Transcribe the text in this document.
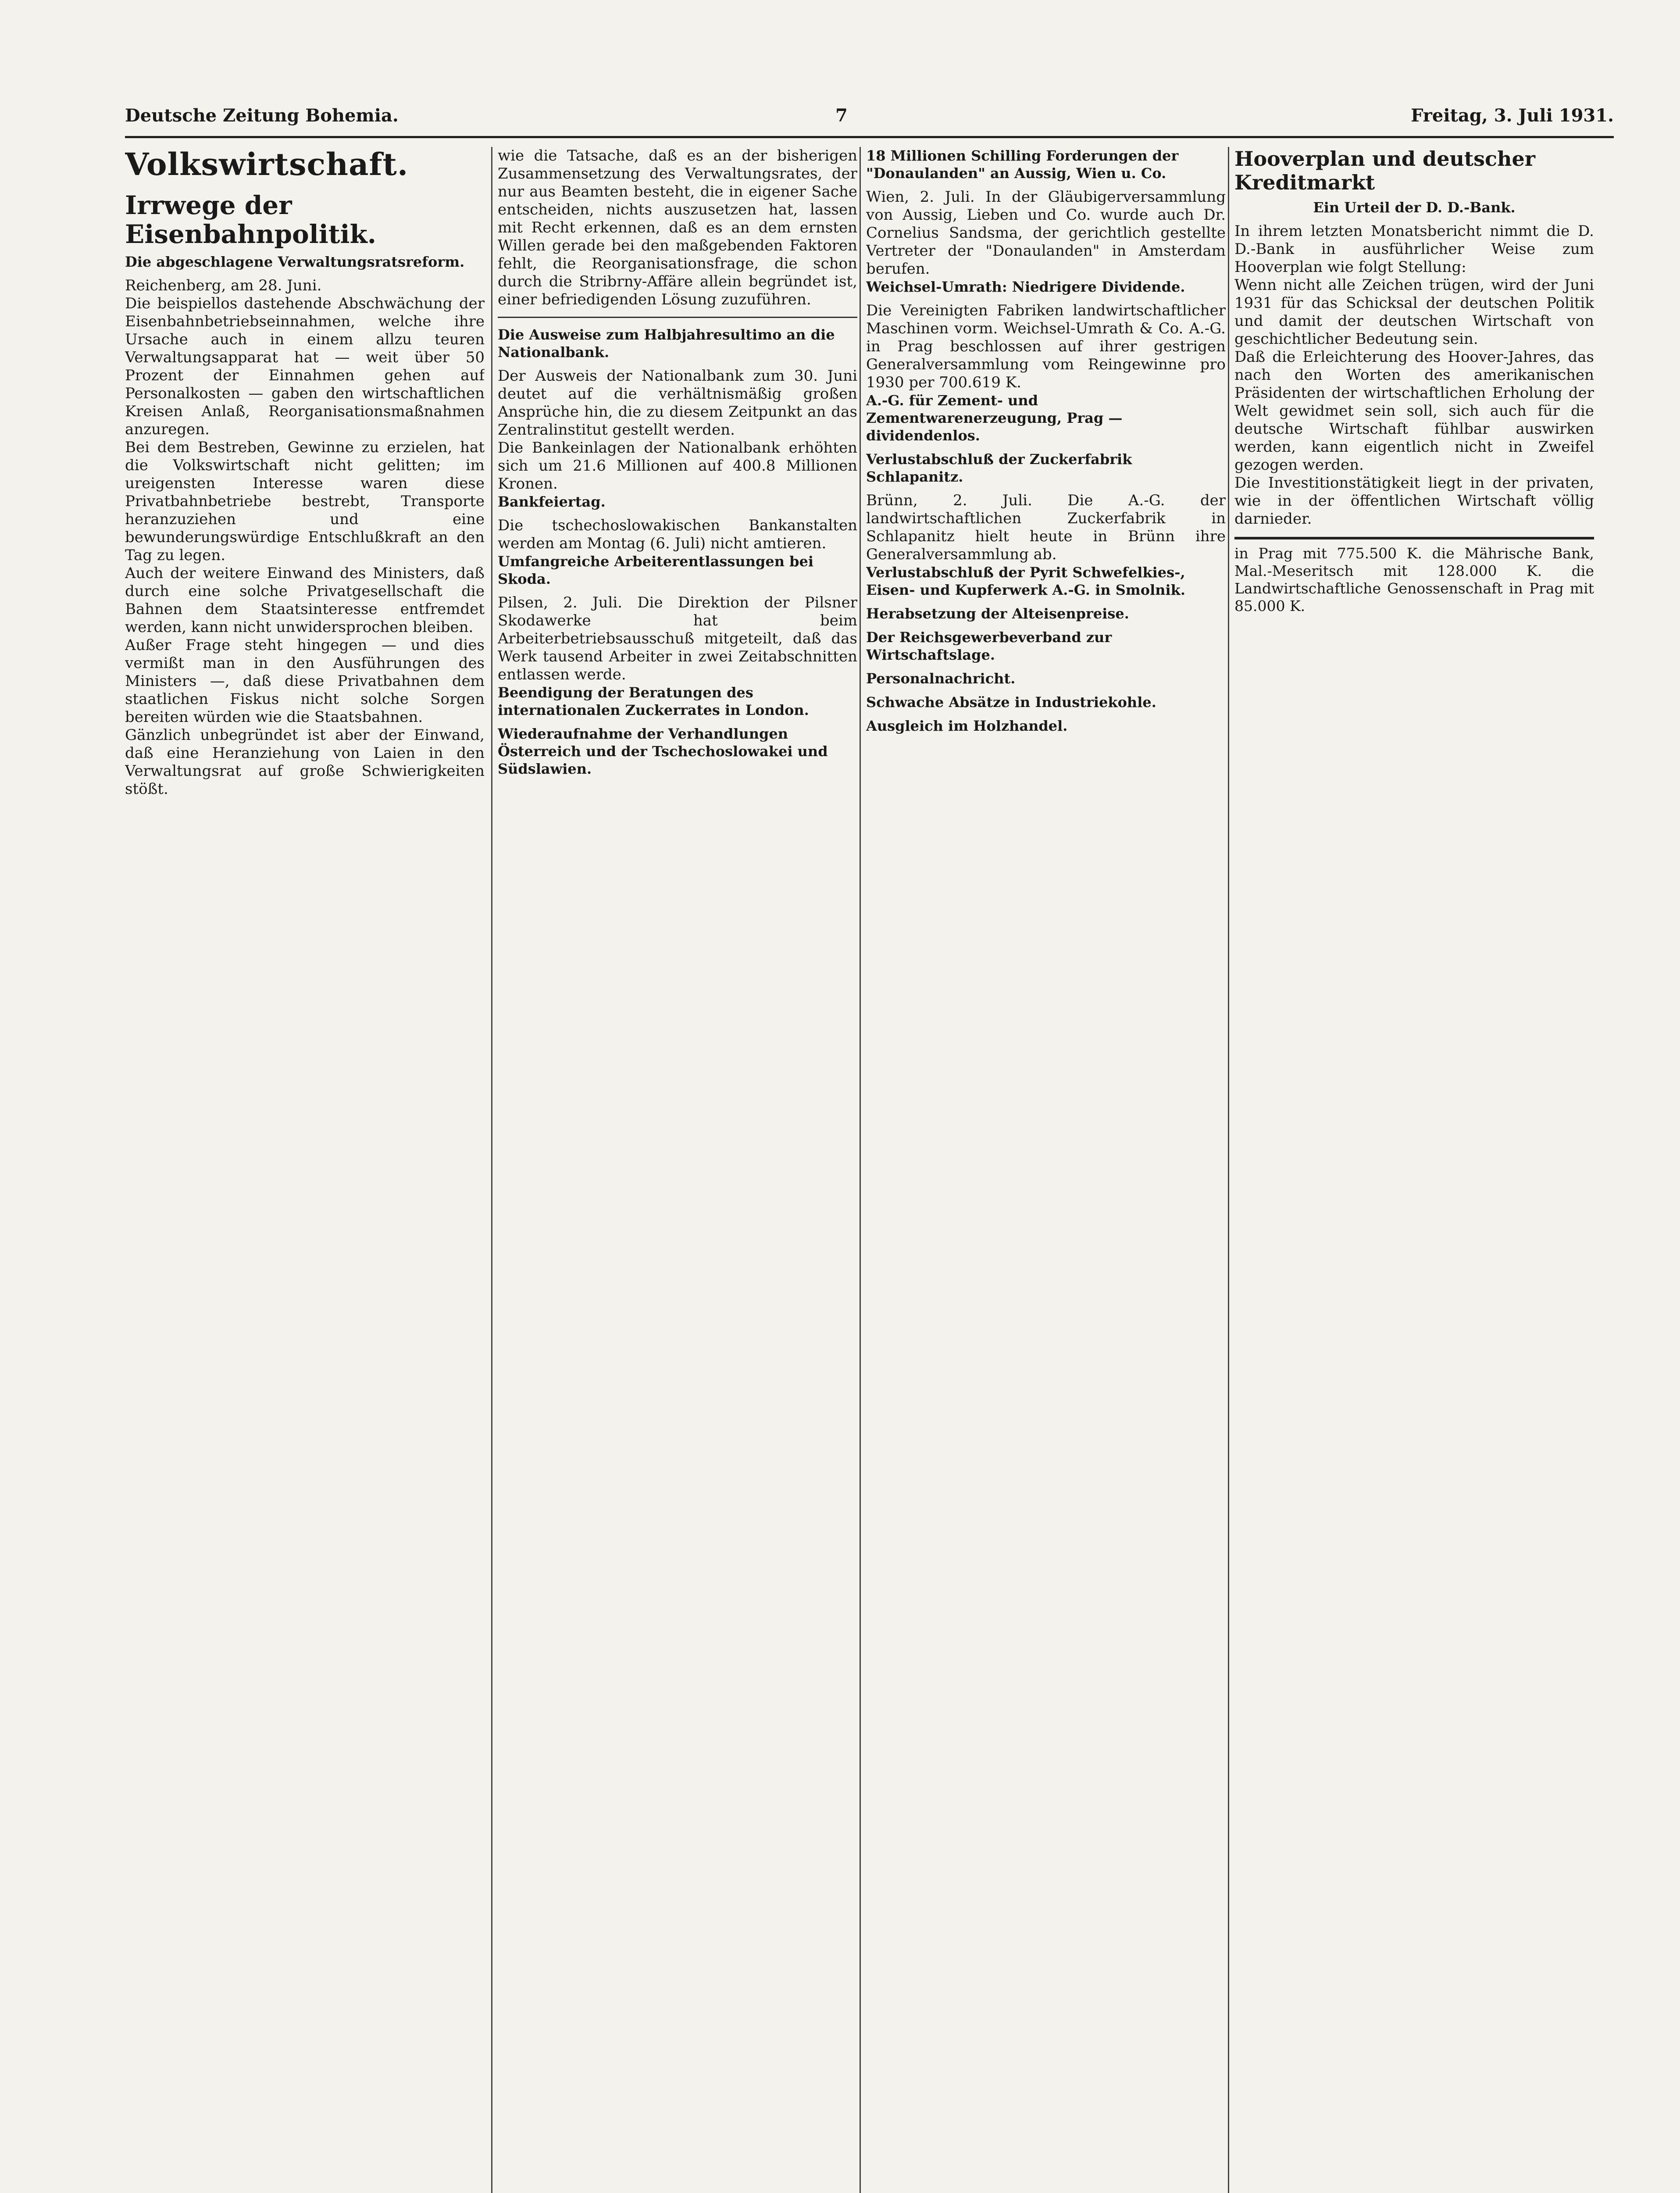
Deutsche Zeitung Bohemia.	7	Freitag, 3. Juli 1931.
Volkswirtschaft.
Irrwege der Eisenbahnpolitik.
Die abgeschlagene Verwaltungsratsreform.

Reichenberg, am 28. Juni.

Die beispiellos dastehende Abschwächung der Eisenbahnbetriebseinnahmen, welche ihre Ursache auch in einem allzu teuren Verwaltungsapparat hat — weit über 50 Prozent der Einnahmen gehen auf Personalkosten — gaben den wirtschaftlichen Kreisen Anlaß, Reorganisationsmaßnahmen anzuregen.

Bei dem Bestreben, Gewinne zu erzielen, hat die Volkswirtschaft nicht gelitten; im ureigensten Interesse waren diese Privatbahnbetriebe bestrebt, Transporte heranzuziehen und eine bewunderungswürdige Entschlußkraft an den Tag zu legen.

Auch der weitere Einwand des Ministers, daß durch eine solche Privatgesellschaft die Bahnen dem Staatsinteresse entfremdet werden, kann nicht unwidersprochen bleiben.

Außer Frage steht hingegen — und dies vermißt man in den Ausführungen des Ministers —, daß diese Privatbahnen dem staatlichen Fiskus nicht solche Sorgen bereiten würden wie die Staatsbahnen.

Gänzlich unbegründet ist aber der Einwand, daß eine Heranziehung von Laien in den Verwaltungsrat auf große Schwierigkeiten stößt.

wie die Tatsache, daß es an der bisherigen Zusammensetzung des Verwaltungsrates, der nur aus Beamten besteht, die in eigener Sache entscheiden, nichts auszusetzen hat, lassen mit Recht erkennen, daß es an dem ernsten Willen gerade bei den maßgebenden Faktoren fehlt, die Reorganisationsfrage, die schon durch die Stribrny-Affäre allein begründet ist, einer befriedigenden Lösung zuzuführen.

Die Ausweise zum Halbjahresultimo an die Nationalbank.

Der Ausweis der Nationalbank zum 30. Juni deutet auf die verhältnismäßig großen Ansprüche hin, die zu diesem Zeitpunkt an das Zentralinstitut gestellt werden.

Die Bankeinlagen der Nationalbank erhöhten sich um 21.6 Millionen auf 400.8 Millionen Kronen.

Bankfeiertag.

Die tschechoslowakischen Bankanstalten werden am Montag (6. Juli) nicht amtieren.

Umfangreiche Arbeiterentlassungen bei Skoda.

Pilsen, 2. Juli. Die Direktion der Pilsner Skodawerke hat beim Arbeiterbetriebsausschuß mitgeteilt, daß das Werk tausend Arbeiter in zwei Zeitabschnitten entlassen werde.

Beendigung der Beratungen des internationalen Zuckerrates in London.
Wiederaufnahme der Verhandlungen Österreich und der Tschechoslowakei und Südslawien.
18 Millionen Schilling Forderungen der "Donaulanden" an Aussig, Wien u. Co.

Wien, 2. Juli. In der Gläubigerversammlung von Aussig, Lieben und Co. wurde auch Dr. Cornelius Sandsma, der gerichtlich gestellte Vertreter der "Donaulanden" in Amsterdam berufen.

Weichsel-Umrath: Niedrigere Dividende.

Die Vereinigten Fabriken landwirtschaftlicher Maschinen vorm. Weichsel-Umrath & Co. A.-G. in Prag beschlossen auf ihrer gestrigen Generalversammlung vom Reingewinne pro 1930 per 700.619 K.

A.-G. für Zement- und Zementwarenerzeugung, Prag — dividendenlos.
Verlustabschluß der Zuckerfabrik Schlapanitz.

Brünn, 2. Juli. Die A.-G. der landwirtschaftlichen Zuckerfabrik in Schlapanitz hielt heute in Brünn ihre Generalversammlung ab.

Verlustabschluß der Pyrit Schwefelkies-, Eisen- und Kupferwerk A.-G. in Smolnik.
Herabsetzung der Alteisenpreise.
Der Reichsgewerbeverband zur Wirtschaftslage.
Personalnachricht.
Schwache Absätze in Industriekohle.
Ausgleich im Holzhandel.
Hooverplan und deutscher Kreditmarkt
Ein Urteil der D. D.-Bank.

In ihrem letzten Monatsbericht nimmt die D. D.-Bank in ausführlicher Weise zum Hooverplan wie folgt Stellung:

Wenn nicht alle Zeichen trügen, wird der Juni 1931 für das Schicksal der deutschen Politik und damit der deutschen Wirtschaft von geschichtlicher Bedeutung sein.

Daß die Erleichterung des Hoover-Jahres, das nach den Worten des amerikanischen Präsidenten der wirtschaftlichen Erholung der Welt gewidmet sein soll, sich auch für die deutsche Wirtschaft fühlbar auswirken werden, kann eigentlich nicht in Zweifel gezogen werden.

Die Investitionstätigkeit liegt in der privaten, wie in der öffentlichen Wirtschaft völlig darnieder.

in Prag mit 775.500 K. die Mährische Bank, Mal.-Meseritsch mit 128.000 K. die Landwirtschaftliche Genossenschaft in Prag mit 85.000 K.
